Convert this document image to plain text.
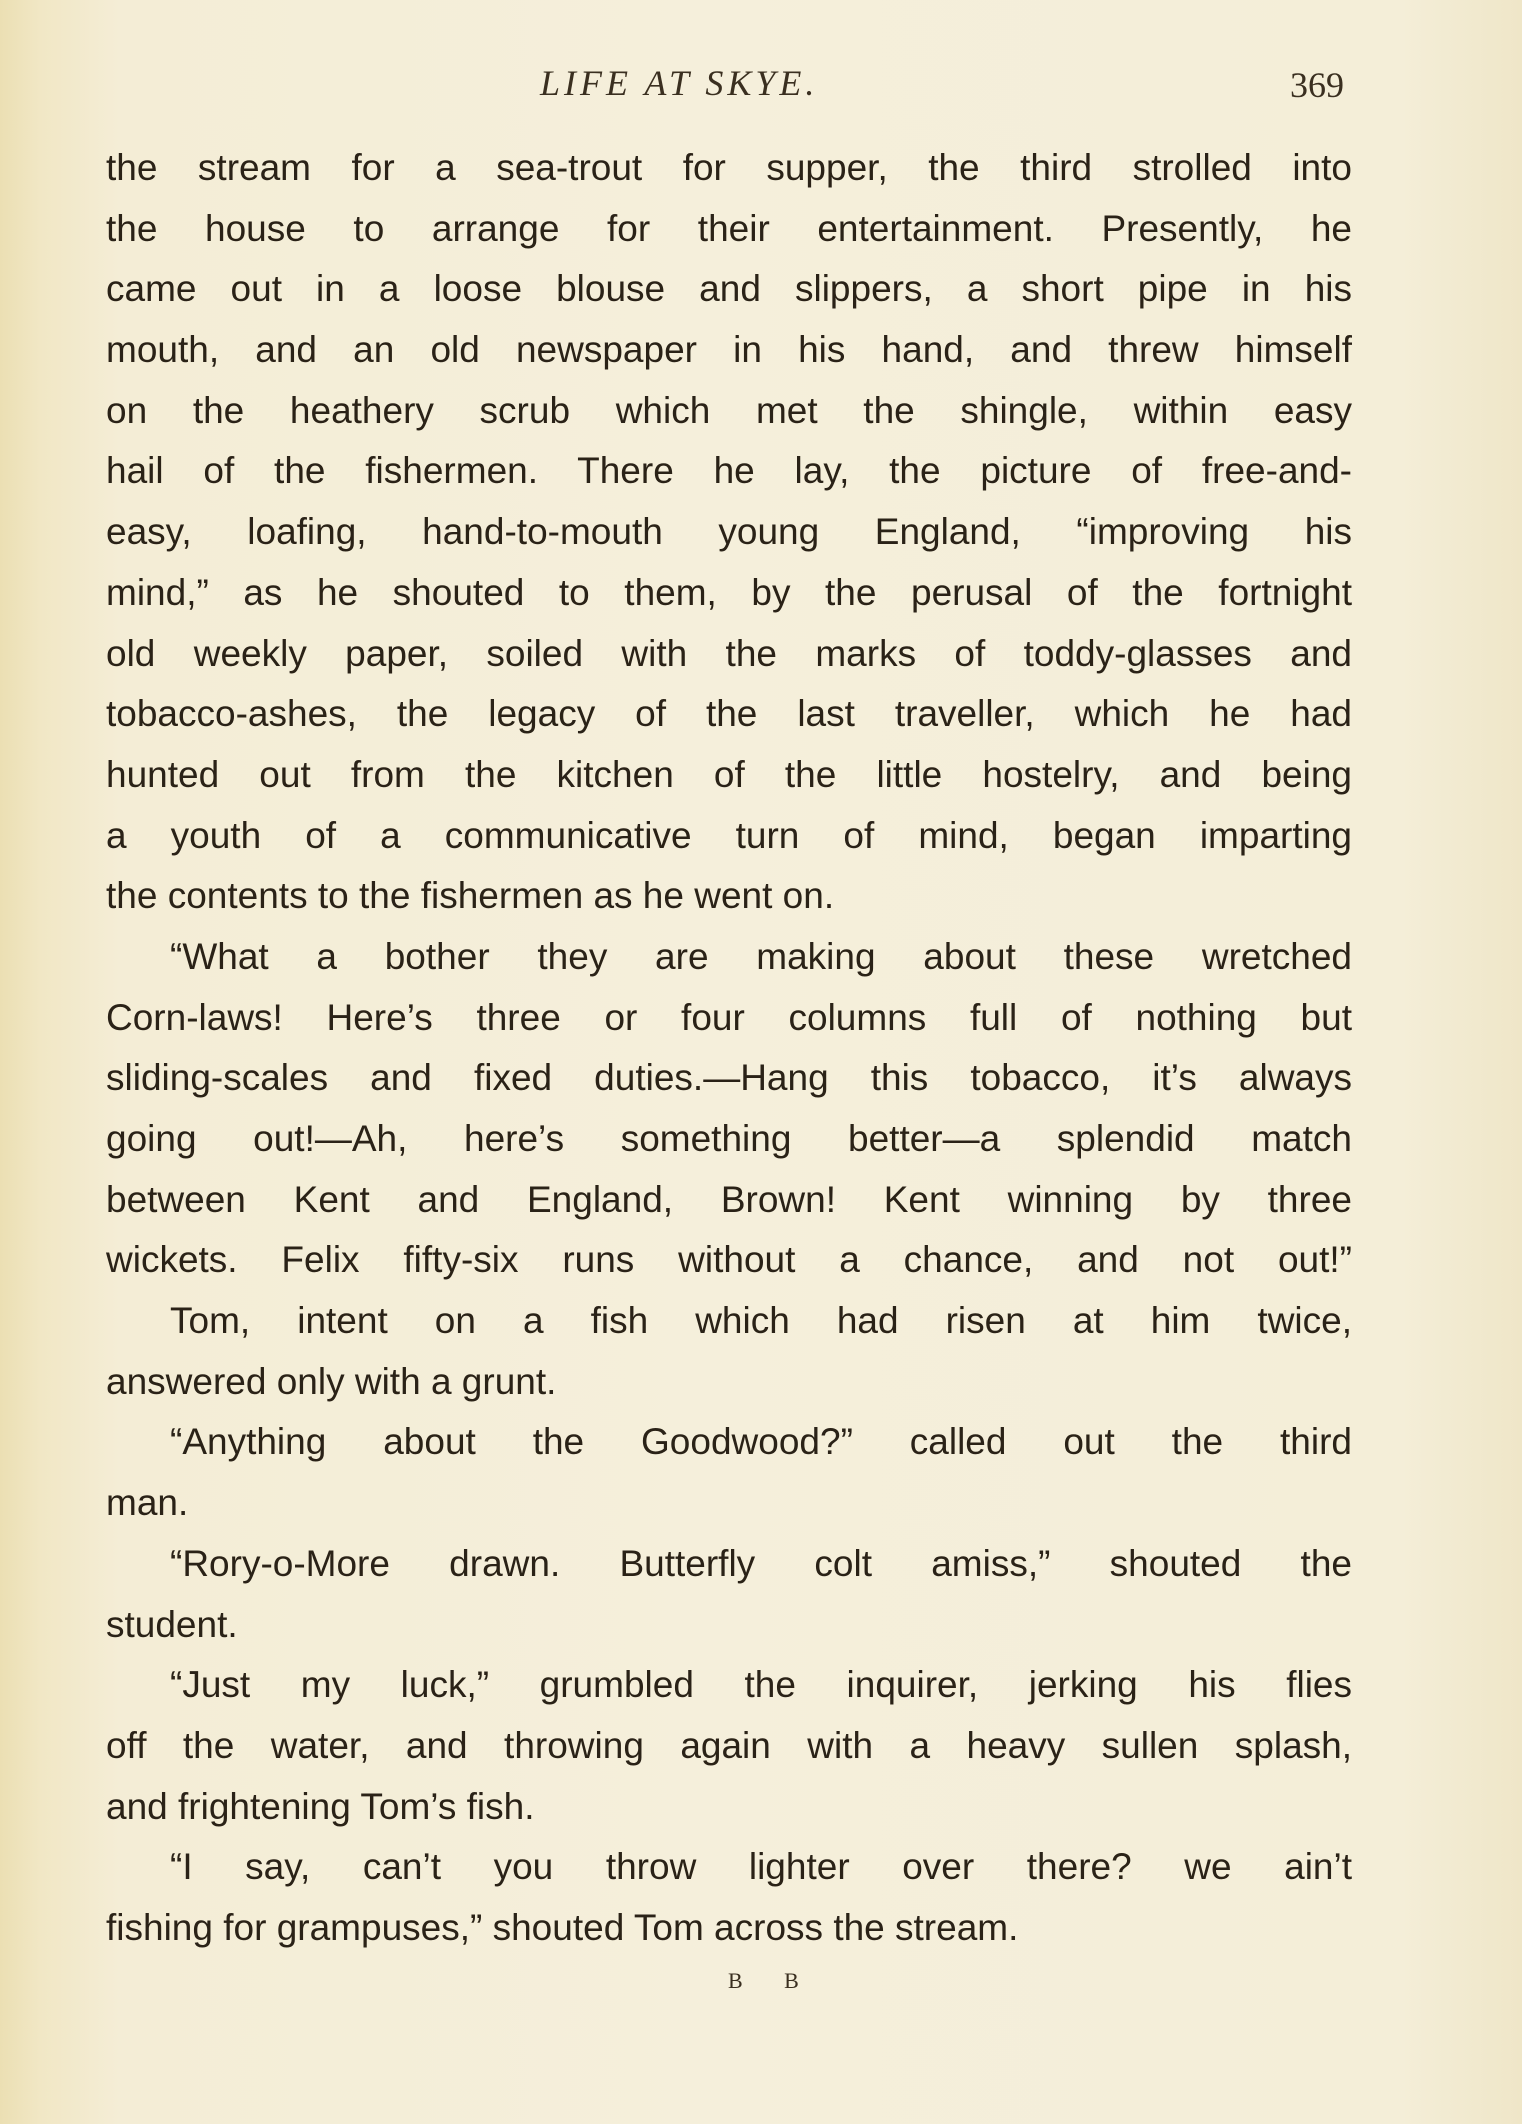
LIFE AT SKYE.	369
the stream for a sea-trout for supper, the third strolled into
the house to arrange for their entertainment. Presently, he
came out in a loose blouse and slippers, a short pipe in his
mouth, and an old newspaper in his hand, and threw himself
on the heathery scrub which met the shingle, within easy
hail of the fishermen. There he lay, the picture of free-and-
easy, loafing, hand-to-mouth young England, “improving his
mind,” as he shouted to them, by the perusal of the fortnight
old weekly paper, soiled with the marks of toddy-glasses and
tobacco-ashes, the legacy of the last traveller, which he had
hunted out from the kitchen of the little hostelry, and being
a youth of a communicative turn of mind, began imparting
the contents to the fishermen as he went on.
“What a bother they are making about these wretched
Corn-laws! Here’s three or four columns full of nothing but
sliding-scales and fixed duties.—Hang this tobacco, it’s always
going out!—Ah, here’s something better—a splendid match
between Kent and England, Brown! Kent winning by three
wickets. Felix fifty-six runs without a chance, and not out!”
Tom, intent on a fish which had risen at him twice,
answered only with a grunt.
“Anything about the Goodwood?” called out the third
man.
“Rory-o-More drawn. Butterfly colt amiss,” shouted the
student.
“Just my luck,” grumbled the inquirer, jerking his flies
off the water, and throwing again with a heavy sullen splash,
and frightening Tom’s fish.
“I say, can’t you throw lighter over there? we ain’t
fishing for grampuses,” shouted Tom across the stream.
B B
